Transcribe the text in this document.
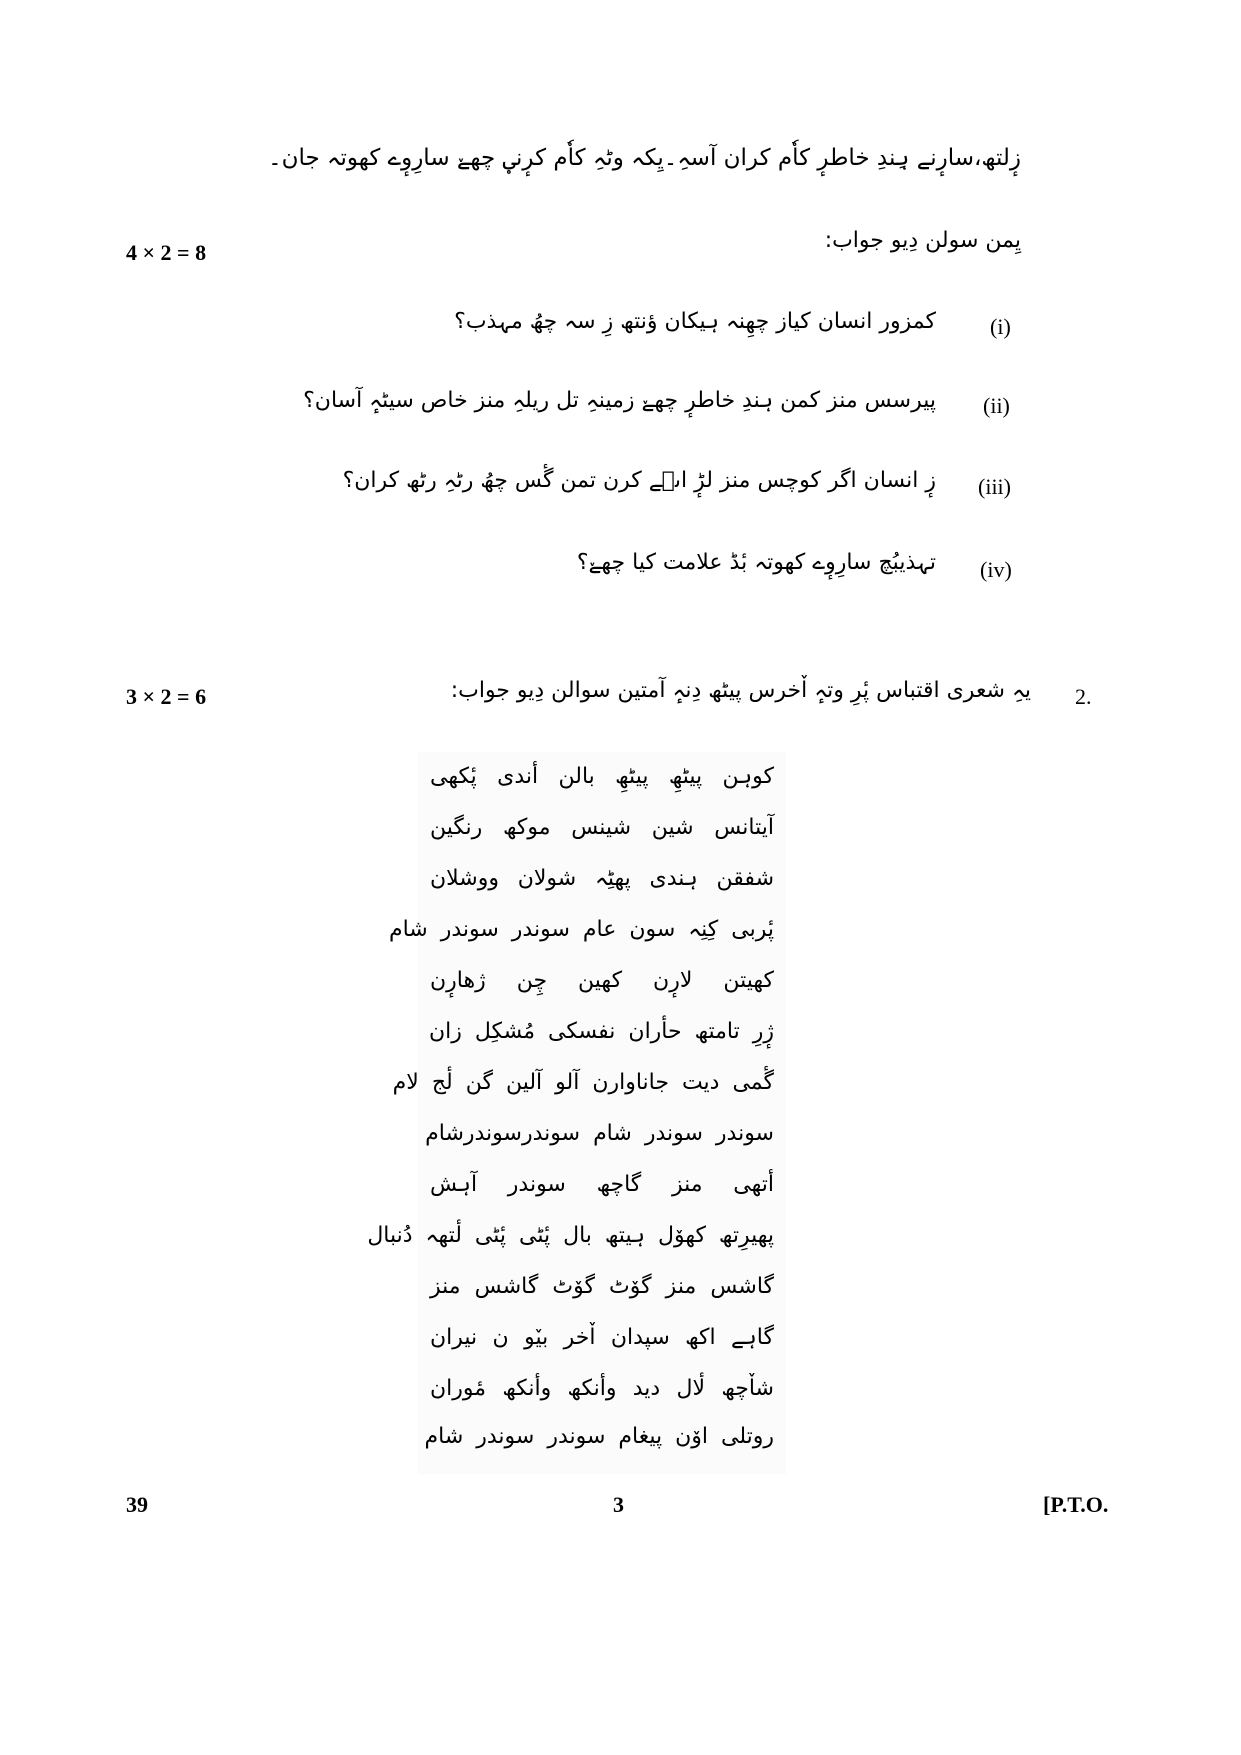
زٕلتھ،سارٕنے ہِندِ خاطرٕ کاٗم کران آسہِ۔یِکہ وٹہِ کاٗم کرٕنؠ چھےٚ سارِوٕے کھوتہ جان۔
یِمن سولن دِیو جواب:
4 × 2 = 8
کمزور انسان کیاز چھِنہ ہیکان ؤنتھ زِ سہ چھُ مہذب؟ (i)
پیرسس منز کمن ہندِ خاطرٕ چھےٚ زمینہِ تل ریلہِ منز خاص سیٹہٕ آسان؟ (ii)
زٕ انسان اگر کوچس منز لڑٕ اٮ۪ے کرن تمن گٔس چھُ رٹہِ رٹھ کران؟ (iii)
تہذیبُچ سارِوٕے کھوتہ بٔڈ علامت کیا چھےٚ؟ (iv)
2.
یہِ شعری اقتباس پٔرِ وتہٕ اٚخرس پیٹھ دِنہٕ آمتین سوالن دِیو جواب:
3 × 2 = 6
کوہن پیٹھِ پیٹھِ بالن أندی پٔکھی
آیتانس شین شینس موکھ رنگین
شفقن ہندی پھٹِہ شولان ووشلان
پٔربی کِنِہ سون عام سوندر سوندر شام
کھیتن لارٕن کھین چِن ژھارٕن
ژٕرِ تامتھ حأران نفسکی مُشکِل زان
گٔمی دیت جاناوارن آلو آلین گن لٔج لام
سوندر سوندر شام سوندرسوندرشام
أتھی منز گاچھ سوندر آہش
پھیرِتھ کھوٚل ہیتھ بال پٔٹی پٔٹی لٔتھہ دُنبال
گاشس منز گوٚٹ گوٚٹ گاشس منز
گاہے اکھ سپدان اٚخر بیٚو ن نیران
شاٚچھ لٔال دید وأنکھ وأنکھ مٔوران
روتلی اوٚن پیغام سوندر سوندر شام
39	3	[P.T.O.
